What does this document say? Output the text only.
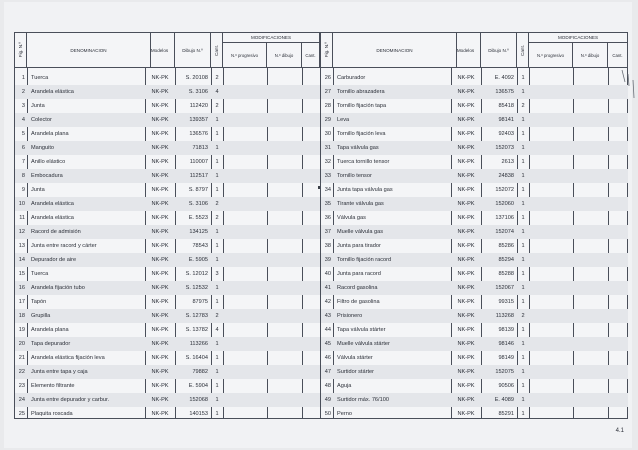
Fig. N.º	DENOMINACION	Modelos	Dibujo N.º Cant.
MODIFICACIONES
N.º progresivo	N.º dibujo	Cant.
1 Tuerca	NK-PK	S. 20108	2
2 Arandela elástica	NK-PK	S. 3106	4
3 Junta	NK-PK	112420	2
4 Colector	NK-PK	139357	1
5 Arandela plana	NK-PK	136576	1
6 Manguito	NK-PK	71813	1
7 Anillo elástico	NK-PK	110007	1
8 Embocadura	NK-PK	112517	1
9 Junta	NK-PK	S. 8797	1
10 Arandela elástica	NK-PK	S. 3106	2
11 Arandela elástica	NK-PK	E. 5523	2
12 Racord de admisión	NK-PK	134125	1
13 Junta entre racord y cárter	NK-PK	78543	1
14 Depurador de aire	NK-PK	E. 5905	1
15 Tuerca	NK-PK	S. 12012	3
16 Arandela fijación tubo	NK-PK	S. 12532	1
17 Tapón	NK-PK	87975	1
18 Grupilla	NK-PK	S. 12783	2
19 Arandela plana	NK-PK	S. 13782	4
20 Tapa depurador	NK-PK	113266	1
21 Arandela elástica fijación leva	NK-PK	S. 16404	1
22 Junta entre tapa y caja	NK-PK	79882	1
23 Elemento filtrante	NK-PK	E. 5904	1
24 Junta entre depurador y carbur.	NK-PK	152068	1
25 Plaquita roscada	NK-PK	140153	1
Fig. N.º	DENOMINACION	Modelos	Dibujo N.º Cant.
MODIFICACIONES
N.º progresivo	N.º dibujo	Cant.
26 Carburador	NK-PK	E. 4092	1
27 Tornillo abrazadera	NK-PK	136575	1
28 Tornillo fijación tapa	NK-PK	85418	2
29 Leva	NK-PK	98141	1
30 Tornillo fijación leva	NK-PK	92403	1
31 Tapa válvula gas	NK-PK	152073	1
32 Tuerca tornillo tensor	NK-PK	2613	1
33 Tornillo tensor	NK-PK	24838	1
34 Junta tapa válvula gas	NK-PK	152072	1
35 Tirante válvula gas	NK-PK	152060	1
36 Válvula gas	NK-PK	137106	1
37 Muelle válvula gas	NK-PK	152074	1
38 Junta para tirador	NK-PK	85286	1
39 Tornillo fijación racord	NK-PK	85294	1
40 Junta para racord	NK-PK	85288	1
41 Racord gasolina	NK-PK	152067	1
42 Filtro de gasolina	NK-PK	99315	1
43 Prisionero	NK-PK	113268	2
44 Tapa válvula stárter	NK-PK	98139	1
45 Muelle válvula stárter	NK-PK	98146	1
46 Válvula stárter	NK-PK	98149	1
47 Surtidor stárter	NK-PK	152075	1
48 Aguja	NK-PK	90506	1
49 Surtidor máx. 76/100	NK-PK	E. 4089	1
50 Perno	NK-PK	85291	1
4.1
